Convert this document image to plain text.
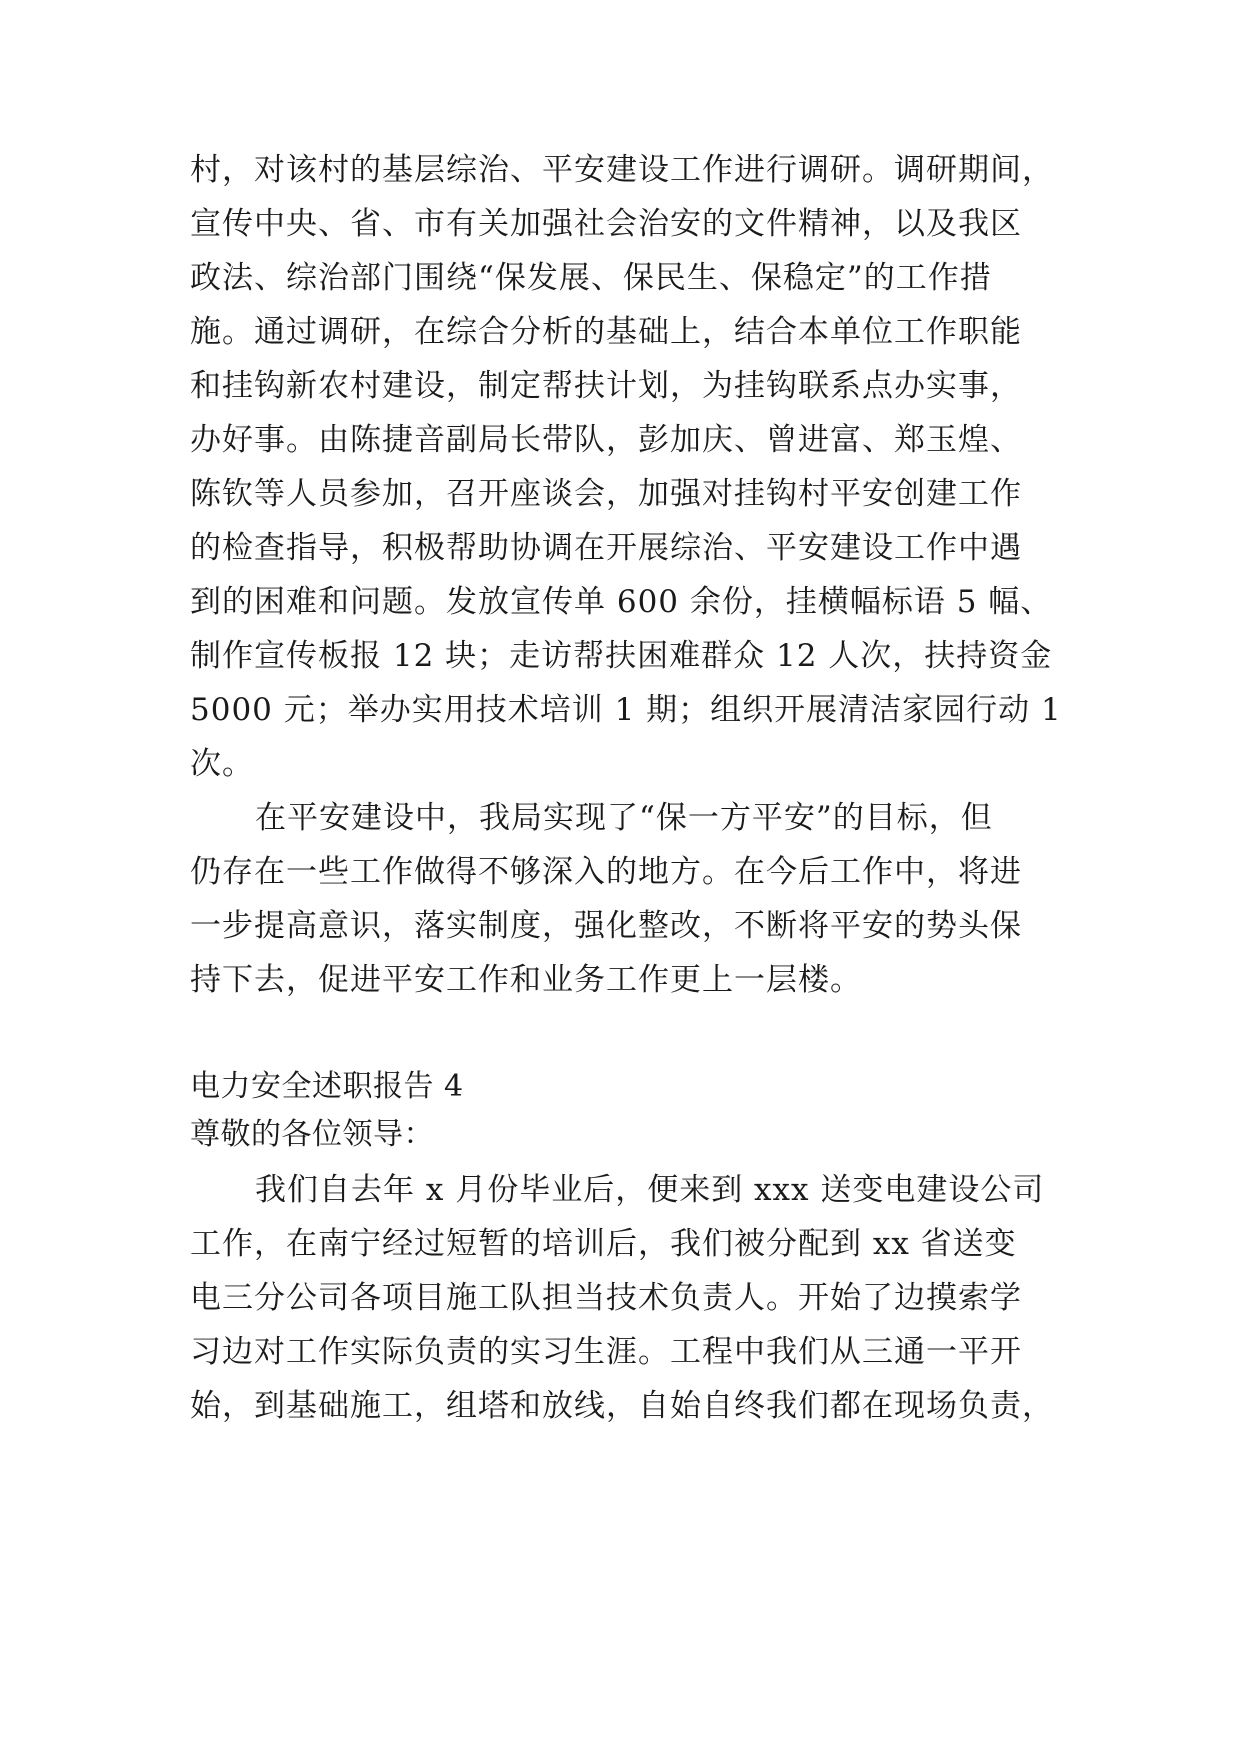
村，对该村的基层综治、平安建设工作进行调研。调研期间，
宣传中央、省、市有关加强社会治安的文件精神，以及我区
政法、综治部门围绕“保发展、保民生、保稳定”的工作措
施。通过调研，在综合分析的基础上，结合本单位工作职能
和挂钩新农村建设，制定帮扶计划，为挂钩联系点办实事，
办好事。由陈捷音副局长带队，彭加庆、曾进富、郑玉煌、
陈钦等人员参加，召开座谈会，加强对挂钩村平安创建工作
的检查指导，积极帮助协调在开展综治、平安建设工作中遇
到的困难和问题。发放宣传单 600 余份，挂横幅标语 5 幅、
制作宣传板报 12 块；走访帮扶困难群众 12 人次，扶持资金
5000 元；举办实用技术培训 1 期；组织开展清洁家园行动 1
次。
在平安建设中，我局实现了“保一方平安”的目标，但
仍存在一些工作做得不够深入的地方。在今后工作中，将进
一步提高意识，落实制度，强化整改，不断将平安的势头保
持下去，促进平安工作和业务工作更上一层楼。
电力安全述职报告 4
尊敬的各位领导：
我们自去年 x 月份毕业后，便来到 xxx 送变电建设公司
工作，在南宁经过短暂的培训后，我们被分配到 xx 省送变
电三分公司各项目施工队担当技术负责人。开始了边摸索学
习边对工作实际负责的实习生涯。工程中我们从三通一平开
始，到基础施工，组塔和放线，自始自终我们都在现场负责，
